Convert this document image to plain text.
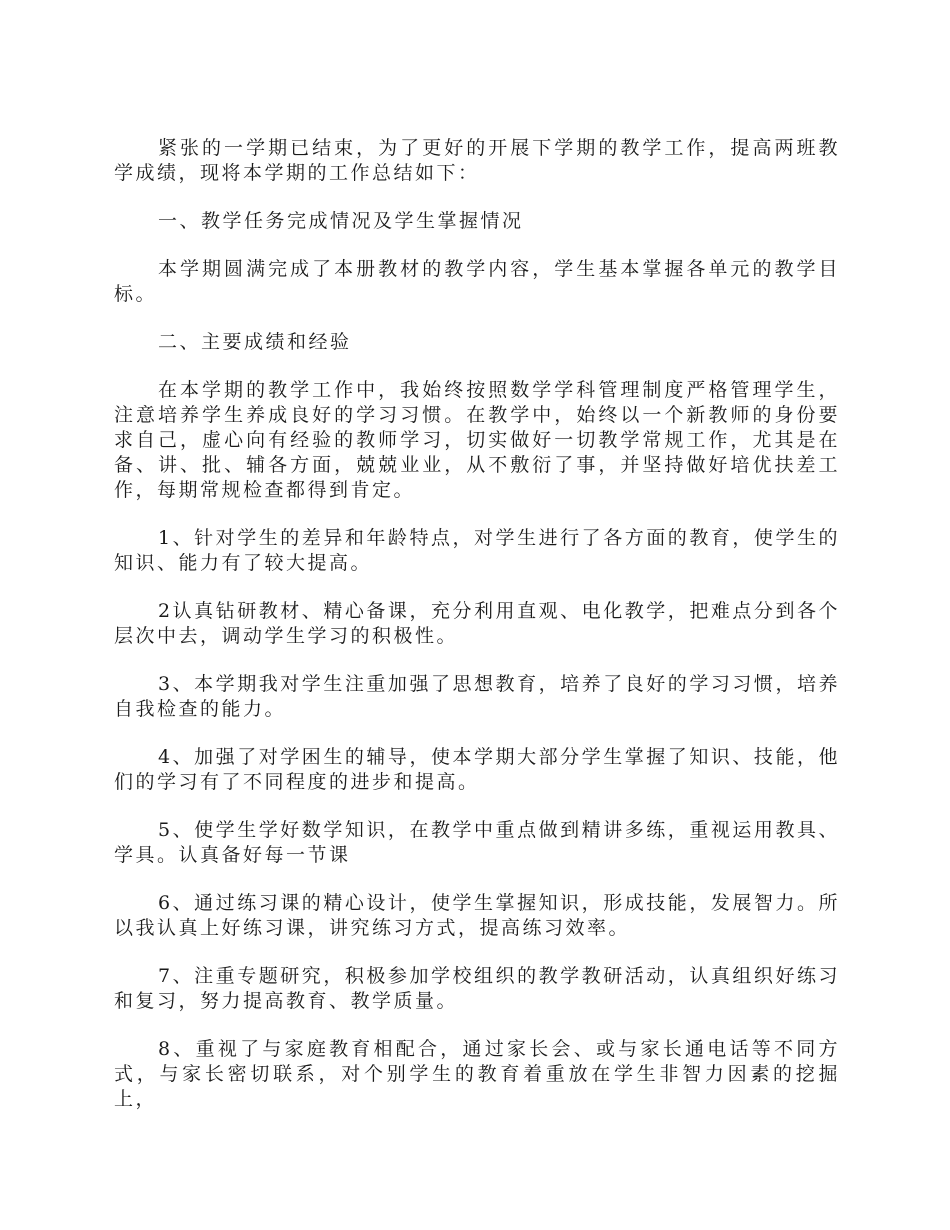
紧张的一学期已结束，为了更好的开展下学期的教学工作，提高两班教学成绩，现将本学期的工作总结如下：

一、教学任务完成情况及学生掌握情况

本学期圆满完成了本册教材的教学内容，学生基本掌握各单元的教学目标。

二、主要成绩和经验

在本学期的教学工作中，我始终按照数学学科管理制度严格管理学生，注意培养学生养成良好的学习习惯。在教学中，始终以一个新教师的身份要求自己，虚心向有经验的教师学习，切实做好一切教学常规工作，尤其是在备、讲、批、辅各方面，兢兢业业，从不敷衍了事，并坚持做好培优扶差工作，每期常规检查都得到肯定。

1、针对学生的差异和年龄特点，对学生进行了各方面的教育，使学生的知识、能力有了较大提高。

2认真钻研教材、精心备课，充分利用直观、电化教学，把难点分到各个层次中去，调动学生学习的积极性。

3、本学期我对学生注重加强了思想教育，培养了良好的学习习惯，培养自我检查的能力。

4、加强了对学困生的辅导，使本学期大部分学生掌握了知识、技能，他们的学习有了不同程度的进步和提高。

5、使学生学好数学知识，在教学中重点做到精讲多练，重视运用教具、学具。认真备好每一节课

6、通过练习课的精心设计，使学生掌握知识，形成技能，发展智力。所以我认真上好练习课，讲究练习方式，提高练习效率。

7、注重专题研究，积极参加学校组织的教学教研活动，认真组织好练习和复习，努力提高教育、教学质量。

8、重视了与家庭教育相配合，通过家长会、或与家长通电话等不同方式，与家长密切联系，对个别学生的教育着重放在学生非智力因素的挖掘上，
